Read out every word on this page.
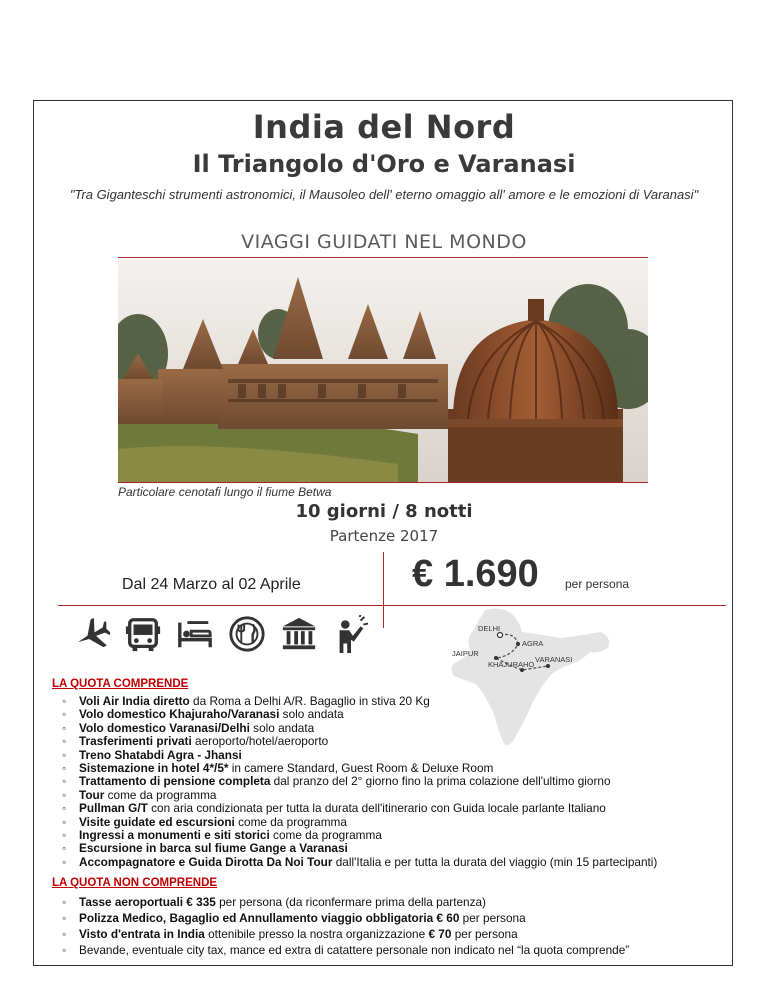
India del Nord
Il Triangolo d'Oro e Varanasi
"Tra Giganteschi strumenti astronomici, il Mausoleo dell' eterno omaggio all' amore e le emozioni di Varanasi"
VIAGGI GUIDATI NEL MONDO
Particolare cenotafi lungo il fiume Betwa
10 giorni / 8 notti
Partenze 2017
Dal 24 Marzo al 02 Aprile	€ 1.690 per persona
DELHI
AGRA
JAIPUR
KHAJURAHO
VARANASI
LA QUOTA COMPRENDE
◦ Voli Air India diretto da Roma a Delhi A/R. Bagaglio in stiva 20 Kg
◦ Volo domestico Khajuraho/Varanasi solo andata
◦ Volo domestico Varanasi/Delhi solo andata
◦ Trasferimenti privati aeroporto/hotel/aeroporto
◦ Treno Shatabdi Agra - Jhansi
◦ Sistemazione in hotel 4*/5* in camere Standard, Guest Room & Deluxe Room
◦ Trattamento di pensione completa dal pranzo del 2° giorno fino la prima colazione dell'ultimo giorno
◦ Tour come da programma
◦ Pullman G/T con aria condizionata per tutta la durata dell'itinerario con Guida locale parlante Italiano
◦ Visite guidate ed escursioni come da programma
◦ Ingressi a monumenti e siti storici come da programma
◦ Escursione in barca sul fiume Gange a Varanasi
◦ Accompagnatore e Guida Dirotta Da Noi Tour dall'Italia e per tutta la durata del viaggio (min 15 partecipanti)
LA QUOTA NON COMPRENDE
◦ Tasse aeroportuali € 335 per persona (da riconfermare prima della partenza)
◦ Polizza Medico, Bagaglio ed Annullamento viaggio obbligatoria € 60 per persona
◦ Visto d'entrata in India ottenibile presso la nostra organizzazione € 70 per persona
◦ Bevande, eventuale city tax, mance ed extra di catattere personale non indicato nel “la quota comprende”
